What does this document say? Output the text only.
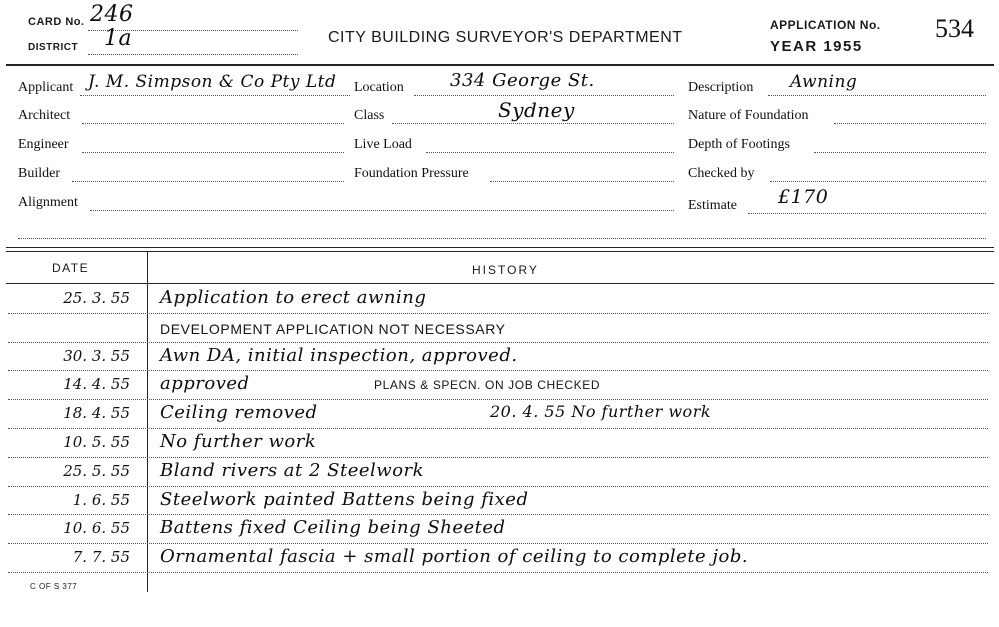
CARD No. 246
DISTRICT 1a	CITY BUILDING SURVEYOR'S DEPARTMENT
APPLICATION No. 534
YEAR 1955
Applicant J. M. Simpson & Co Pty Ltd Location	334 George St.	Description Awning
Architect	Class	Sydney	Nature of Foundation
Engineer	Live Load	Depth of Footings
Builder	Foundation Pressure	Checked by
Alignment	Estimate £170
DATE	HISTORY
25. 3. 55 Application to erect awning
DEVELOPMENT APPLICATION NOT NECESSARY
30. 3. 55 Awn DA, initial inspection, approved.
14. 4. 55 approved	PLANS & SPECN. ON JOB CHECKED
18. 4. 55 Ceiling removed	20. 4. 55 No further work
10. 5. 55 No further work
25. 5. 55 Bland rivers at 2 Steelwork
1. 6. 55 Steelwork painted Battens being fixed
10. 6. 55 Battens fixed Ceiling being Sheeted
7. 7. 55 Ornamental fascia + small portion of ceiling to complete job.
C OF S 377
